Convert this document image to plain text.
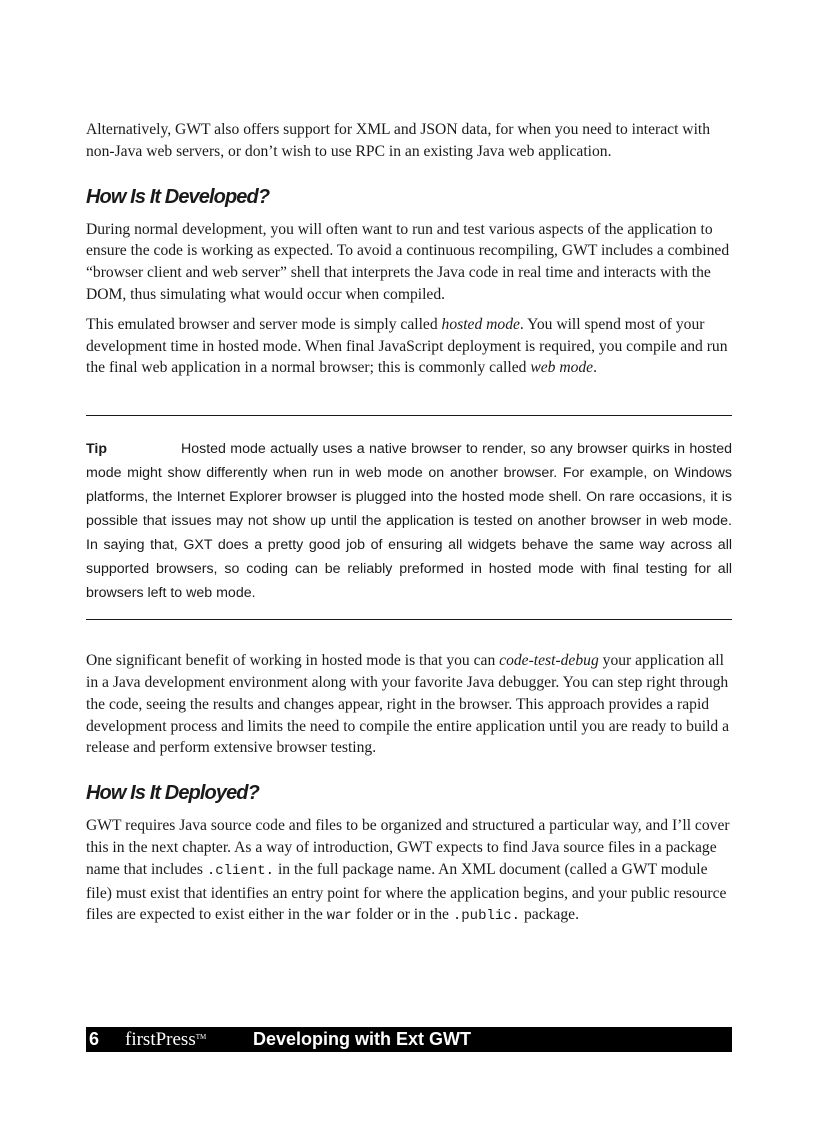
Alternatively, GWT also offers support for XML and JSON data, for when you need to interact with non-Java web servers, or don’t wish to use RPC in an existing Java web application.

How Is It Developed?

During normal development, you will often want to run and test various aspects of the application to ensure the code is working as expected. To avoid a continuous recompiling, GWT includes a combined “browser client and web server” shell that interprets the Java code in real time and interacts with the DOM, thus simulating what would occur when compiled.

This emulated browser and server mode is simply called hosted mode. You will spend most of your development time in hosted mode. When final JavaScript deployment is required, you compile and run the final web application in a normal browser; this is commonly called web mode.

Tip	Hosted mode actually uses a native browser to render, so any browser quirks in hosted mode might show differently when run in web mode on another browser. For example, on Windows platforms, the Internet Explorer browser is plugged into the hosted mode shell. On rare occasions, it is possible that issues may not show up until the application is tested on another browser in web mode. In saying that, GXT does a pretty good job of ensuring all widgets behave the same way across all supported browsers, so coding can be reliably preformed in hosted mode with final testing for all browsers left to web mode.

One significant benefit of working in hosted mode is that you can code-test-debug your application all in a Java development environment along with your favorite Java debugger. You can step right through the code, seeing the results and changes appear, right in the browser. This approach provides a rapid development process and limits the need to compile the entire application until you are ready to build a release and perform extensive browser testing.

How Is It Deployed?

GWT requires Java source code and files to be organized and structured a particular way, and I’ll cover this in the next chapter. As a way of introduction, GWT expects to find Java source files in a package name that includes .client. in the full package name. An XML document (called a GWT module file) must exist that identifies an entry point for where the application begins, and your public resource files are expected to exist either in the war folder or in the .public. package.

6	firstPress™	Developing with Ext GWT
